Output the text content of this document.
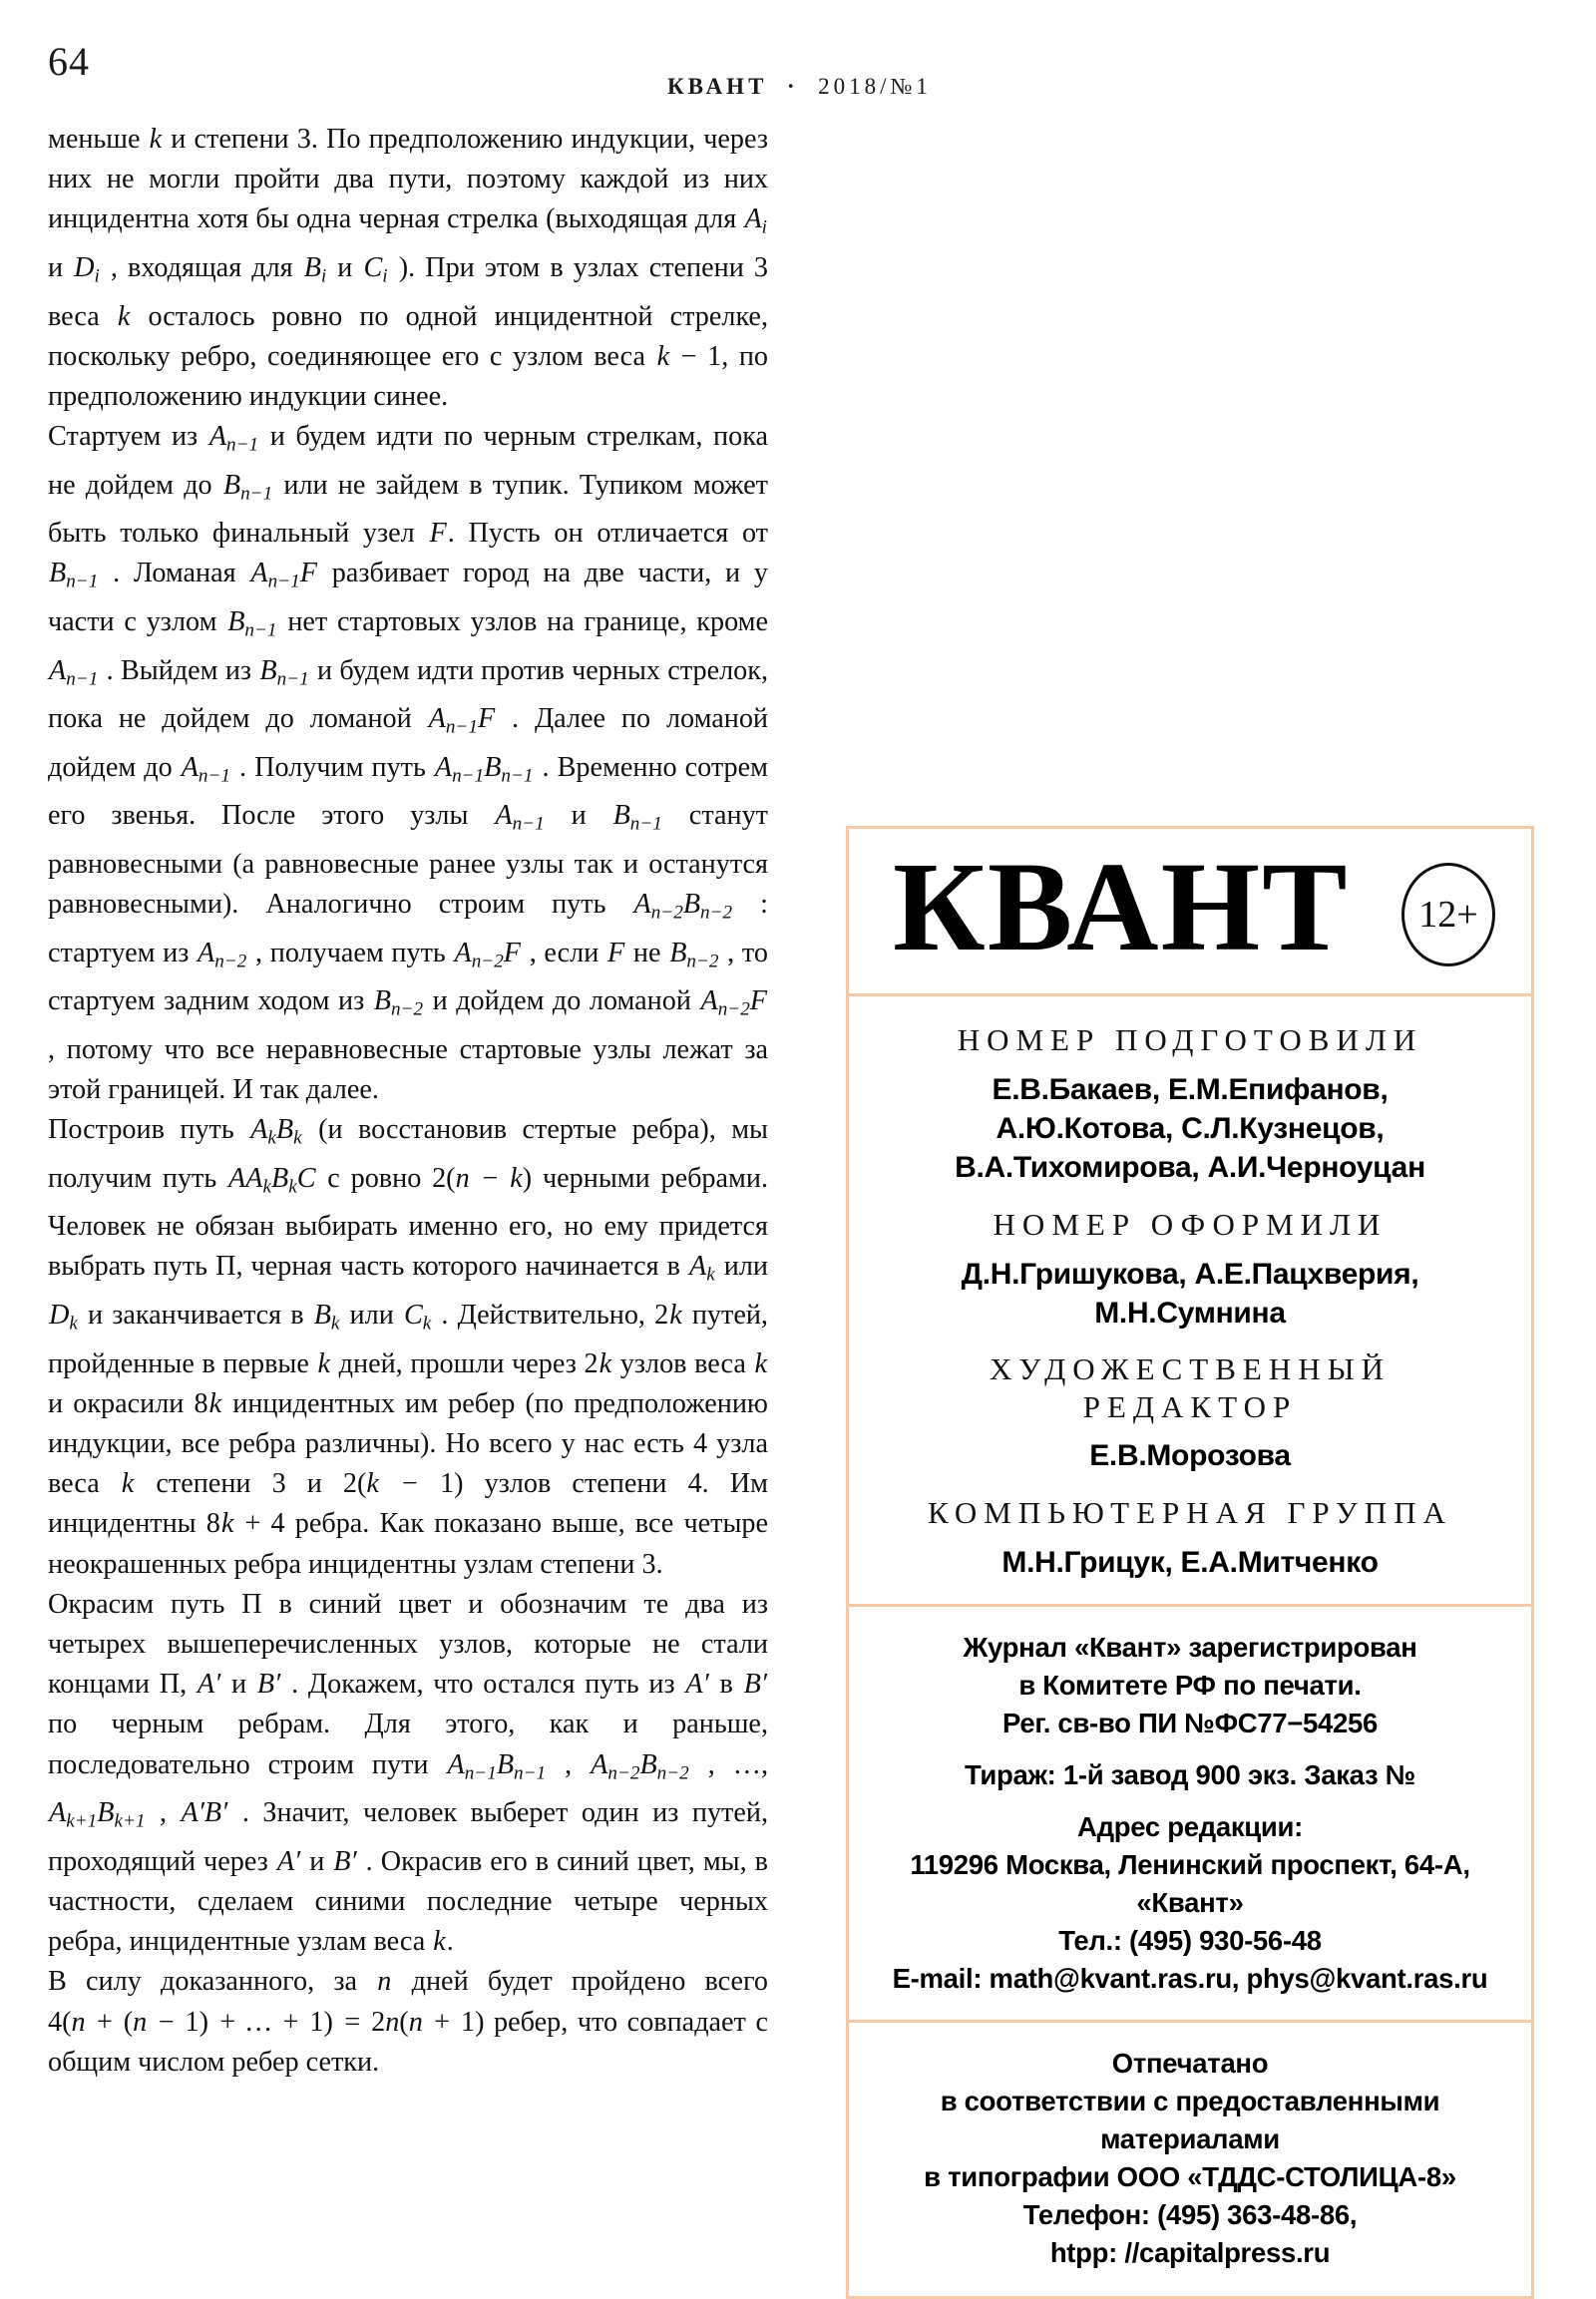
64

КВАНТ · 2018/№1

меньше k и степени 3. По предположению индукции, через них не могли пройти два пути, поэтому каждой из них инцидентна хотя бы одна черная стрелка (выходящая для $A_i$ и $D_i$ , входящая для $B_i$ и $C_i$ ). При этом в узлах степени 3 веса k осталось ровно по одной инцидентной стрелке, поскольку ребро, соединяющее его с узлом веса k − 1, по предположению индукции синее.

Стартуем из $A_{n-1}$ и будем идти по черным стрелкам, пока не дойдем до $B_{n-1}$ или не зайдем в тупик. Тупиком может быть только финальный узел F. Пусть он отличается от $B_{n-1}$ . Ломаная $A_{n-1}F$ разбивает город на две части, и у части с узлом $B_{n-1}$ нет стартовых узлов на границе, кроме $A_{n-1}$ . Выйдем из $B_{n-1}$ и будем идти против черных стрелок, пока не дойдем до ломаной $A_{n-1}F$ . Далее по ломаной дойдем до $A_{n-1}$ . Получим путь $A_{n-1}B_{n-1}$ . Временно сотрем его звенья. После этого узлы $A_{n-1}$ и $B_{n-1}$ станут равновесными (а равновесные ранее узлы так и останутся равновесными). Аналогично строим путь $A_{n-2}B_{n-2}$ : стартуем из $A_{n-2}$ , получаем путь $A_{n-2}F$ , если F не $B_{n-2}$ , то стартуем задним ходом из $B_{n-2}$ и дойдем до ломаной $A_{n-2}F$ , потому что все неравновесные стартовые узлы лежат за этой границей. И так далее.

Построив путь $A_kB_k$ (и восстановив стертые ребра), мы получим путь $AA_kB_kC$ с ровно 2(n − k) черными ребрами. Человек не обязан выбирать именно его, но ему придется выбрать путь П, черная часть которого начинается в $A_k$ или $D_k$ и заканчивается в $B_k$ или $C_k$ . Действительно, 2k путей, пройденные в первые k дней, прошли через 2k узлов веса k и окрасили 8k инцидентных им ребер (по предположению индукции, все ребра различны). Но всего у нас есть 4 узла веса k степени 3 и 2(k − 1) узлов степени 4. Им инцидентны 8k + 4 ребра. Как показано выше, все четыре неокрашенных ребра инцидентны узлам степени 3.

Окрасим путь П в синий цвет и обозначим те два из четырех вышеперечисленных узлов, которые не стали концами П, A′ и B′ . Докажем, что остался путь из A′ в B′ по черным ребрам. Для этого, как и раньше, последовательно строим пути $A_{n-1}B_{n-1}$ , $A_{n-2}B_{n-2}$ , …, $A_{k+1}B_{k+1}$ , A′B′ . Значит, человек выберет один из путей, проходящий через A′ и B′ . Окрасив его в синий цвет, мы, в частности, сделаем синими последние четыре черных ребра, инцидентные узлам веса k.

В силу доказанного, за n дней будет пройдено всего 4(n + (n − 1) + … + 1) = 2n(n + 1) ребер, что совпадает с общим числом ребер сетки.

КВАНТ	12+
НОМЕР ПОДГОТОВИЛИ
Е.В.Бакаев, Е.М.Епифанов,
А.Ю.Котова, С.Л.Кузнецов,
В.А.Тихомирова, А.И.Черноуцан
НОМЕР ОФОРМИЛИ
Д.Н.Гришукова, А.Е.Пацхверия,
М.Н.Сумнина
ХУДОЖЕСТВЕННЫЙ
РЕДАКТОР
Е.В.Морозова
КОМПЬЮТЕРНАЯ ГРУППА
М.Н.Грицук, Е.А.Митченко
Журнал «Квант» зарегистрирован
в Комитете РФ по печати.
Рег. св-во ПИ №ФС77−54256
Тираж: 1-й завод 900 экз. Заказ №
Адрес редакции:
119296 Москва, Ленинский проспект, 64-А,
«Квант»
Тел.: (495) 930-56-48
E-mail: math@kvant.ras.ru, phys@kvant.ras.ru
Отпечатано
в соответствии с предоставленными
материалами
в типографии ООО «ТДДС-СТОЛИЦА-8»
Телефон: (495) 363-48-86,
htpp: //capitalpress.ru
